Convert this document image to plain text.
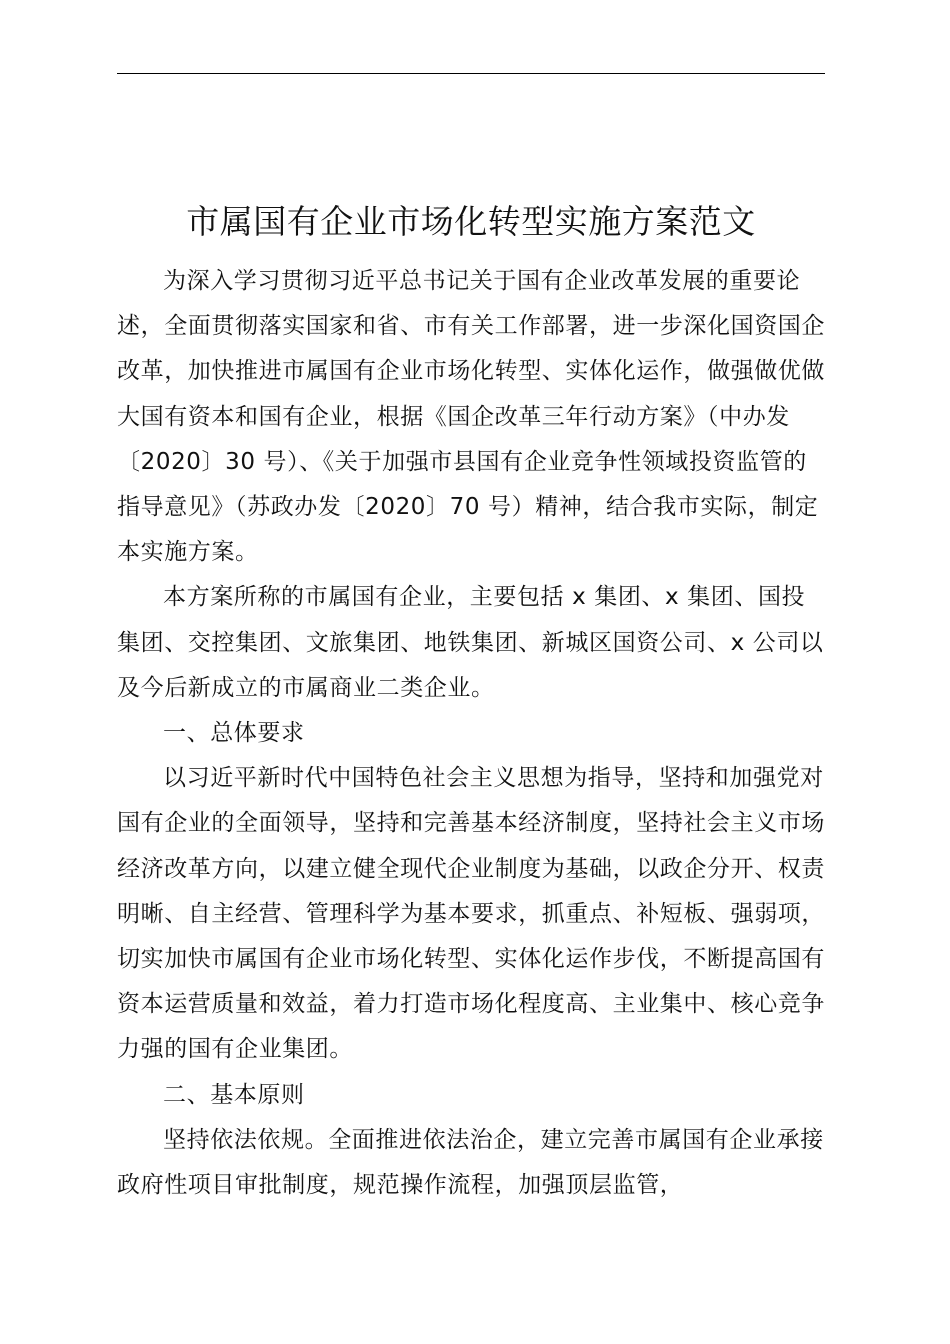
市属国有企业市场化转型实施方案范文

为深入学习贯彻习近平总书记关于国有企业改革发展的重要论述，全面贯彻落实国家和省、市有关工作部署，进一步深化国资国企改革，加快推进市属国有企业市场化转型、实体化运作，做强做优做大国有资本和国有企业，根据《国企改革三年行动方案》（中办发〔2020〕30 号）、《关于加强市县国有企业竞争性领域投资监管的指导意见》（苏政办发〔2020〕70 号）精神，结合我市实际，制定本实施方案。

本方案所称的市属国有企业，主要包括 x 集团、x 集团、国投集团、交控集团、文旅集团、地铁集团、新城区国资公司、x 公司以及今后新成立的市属商业二类企业。

一、总体要求

以习近平新时代中国特色社会主义思想为指导，坚持和加强党对国有企业的全面领导，坚持和完善基本经济制度，坚持社会主义市场经济改革方向，以建立健全现代企业制度为基础，以政企分开、权责明晰、自主经营、管理科学为基本要求，抓重点、补短板、强弱项，切实加快市属国有企业市场化转型、实体化运作步伐，不断提高国有资本运营质量和效益，着力打造市场化程度高、主业集中、核心竞争力强的国有企业集团。

二、基本原则

坚持依法依规。全面推进依法治企，建立完善市属国有企业承接政府性项目审批制度，规范操作流程，加强顶层监管，
